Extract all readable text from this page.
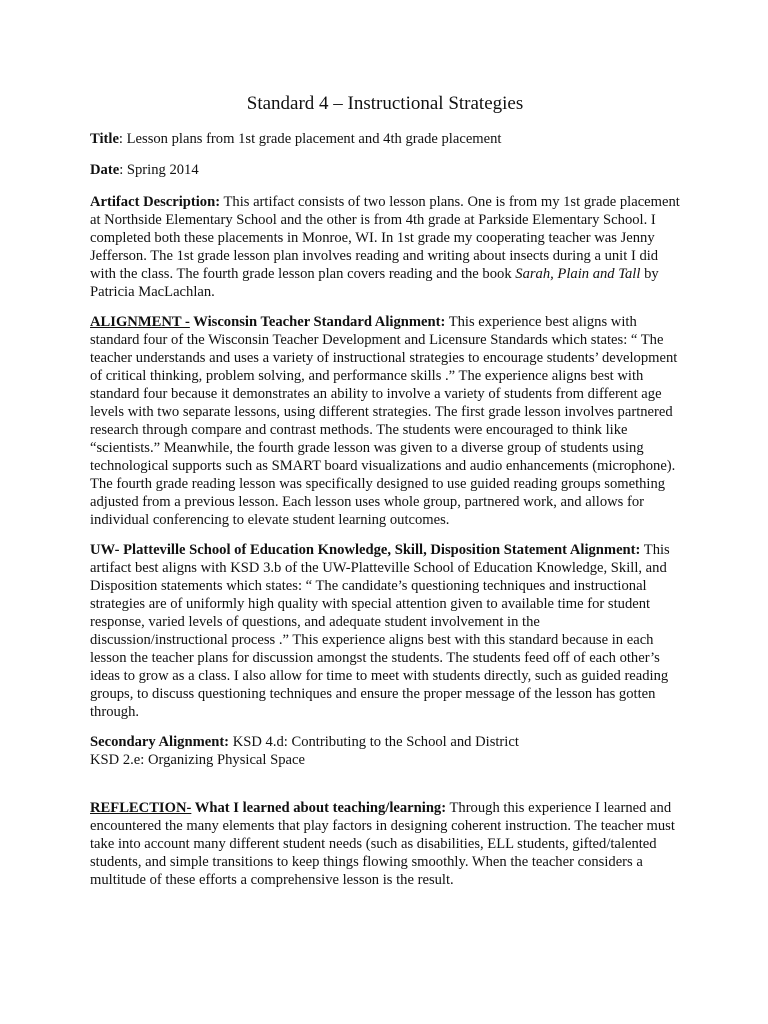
Standard 4 – Instructional Strategies

Title: Lesson plans from 1st grade placement and 4th grade placement

Date: Spring 2014

Artifact Description: This artifact consists of two lesson plans. One is from my 1st grade placement at Northside Elementary School and the other is from 4th grade at Parkside Elementary School. I completed both these placements in Monroe, WI. In 1st grade my cooperating teacher was Jenny Jefferson. The 1st grade lesson plan involves reading and writing about insects during a unit I did with the class. The fourth grade lesson plan covers reading and the book Sarah, Plain and Tall by Patricia MacLachlan.

ALIGNMENT - Wisconsin Teacher Standard Alignment: This experience best aligns with standard four of the Wisconsin Teacher Development and Licensure Standards which states: “ The teacher understands and uses a variety of instructional strategies to encourage students’ development of critical thinking, problem solving, and performance skills .” The experience aligns best with standard four because it demonstrates an ability to involve a variety of students from different age levels with two separate lessons, using different strategies. The first grade lesson involves partnered research through compare and contrast methods. The students were encouraged to think like “scientists.” Meanwhile, the fourth grade lesson was given to a diverse group of students using technological supports such as SMART board visualizations and audio enhancements (microphone). The fourth grade reading lesson was specifically designed to use guided reading groups something adjusted from a previous lesson. Each lesson uses whole group, partnered work, and allows for individual conferencing to elevate student learning outcomes.

UW- Platteville School of Education Knowledge, Skill, Disposition Statement Alignment: This artifact best aligns with KSD 3.b of the UW-Platteville School of Education Knowledge, Skill, and Disposition statements which states: “ The candidate’s questioning techniques and instructional strategies are of uniformly high quality with special attention given to available time for student response, varied levels of questions, and adequate student involvement in the discussion/instructional process .” This experience aligns best with this standard because in each lesson the teacher plans for discussion amongst the students. The students feed off of each other’s ideas to grow as a class. I also allow for time to meet with students directly, such as guided reading groups, to discuss questioning techniques and ensure the proper message of the lesson has gotten through.

Secondary Alignment: KSD 4.d: Contributing to the School and District
KSD 2.e: Organizing Physical Space

REFLECTION- What I learned about teaching/learning: Through this experience I learned and encountered the many elements that play factors in designing coherent instruction. The teacher must take into account many different student needs (such as disabilities, ELL students, gifted/talented students, and simple transitions to keep things flowing smoothly. When the teacher considers a multitude of these efforts a comprehensive lesson is the result.
